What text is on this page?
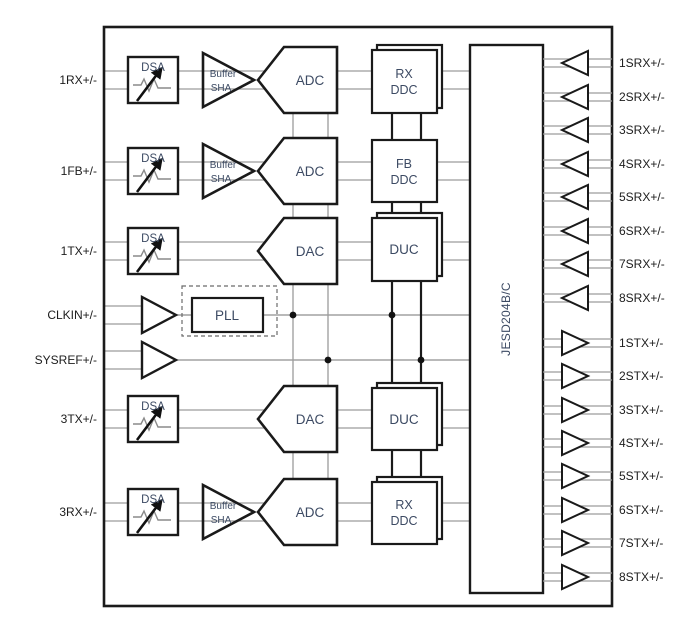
DSA
DSA
DSA
DSA
DSA
Buffer
SHA
Buffer
SHA
Buffer
SHA
ADC
ADC
DAC
DAC
ADC
RX
DDC
FB
DDC
DUC
DUC
RX
DDC
PLL	JESD204B/C
1SRX+/-
2SRX+/-
3SRX+/-
4SRX+/-
5SRX+/-
6SRX+/-
7SRX+/-
8SRX+/-
1STX+/-
2STX+/-
3STX+/-
4STX+/-
5STX+/-
6STX+/-
7STX+/-
8STX+/-
1RX+/-
1FB+/-
1TX+/-
CLKIN+/-
SYSREF+/-
3TX+/-
3RX+/-
